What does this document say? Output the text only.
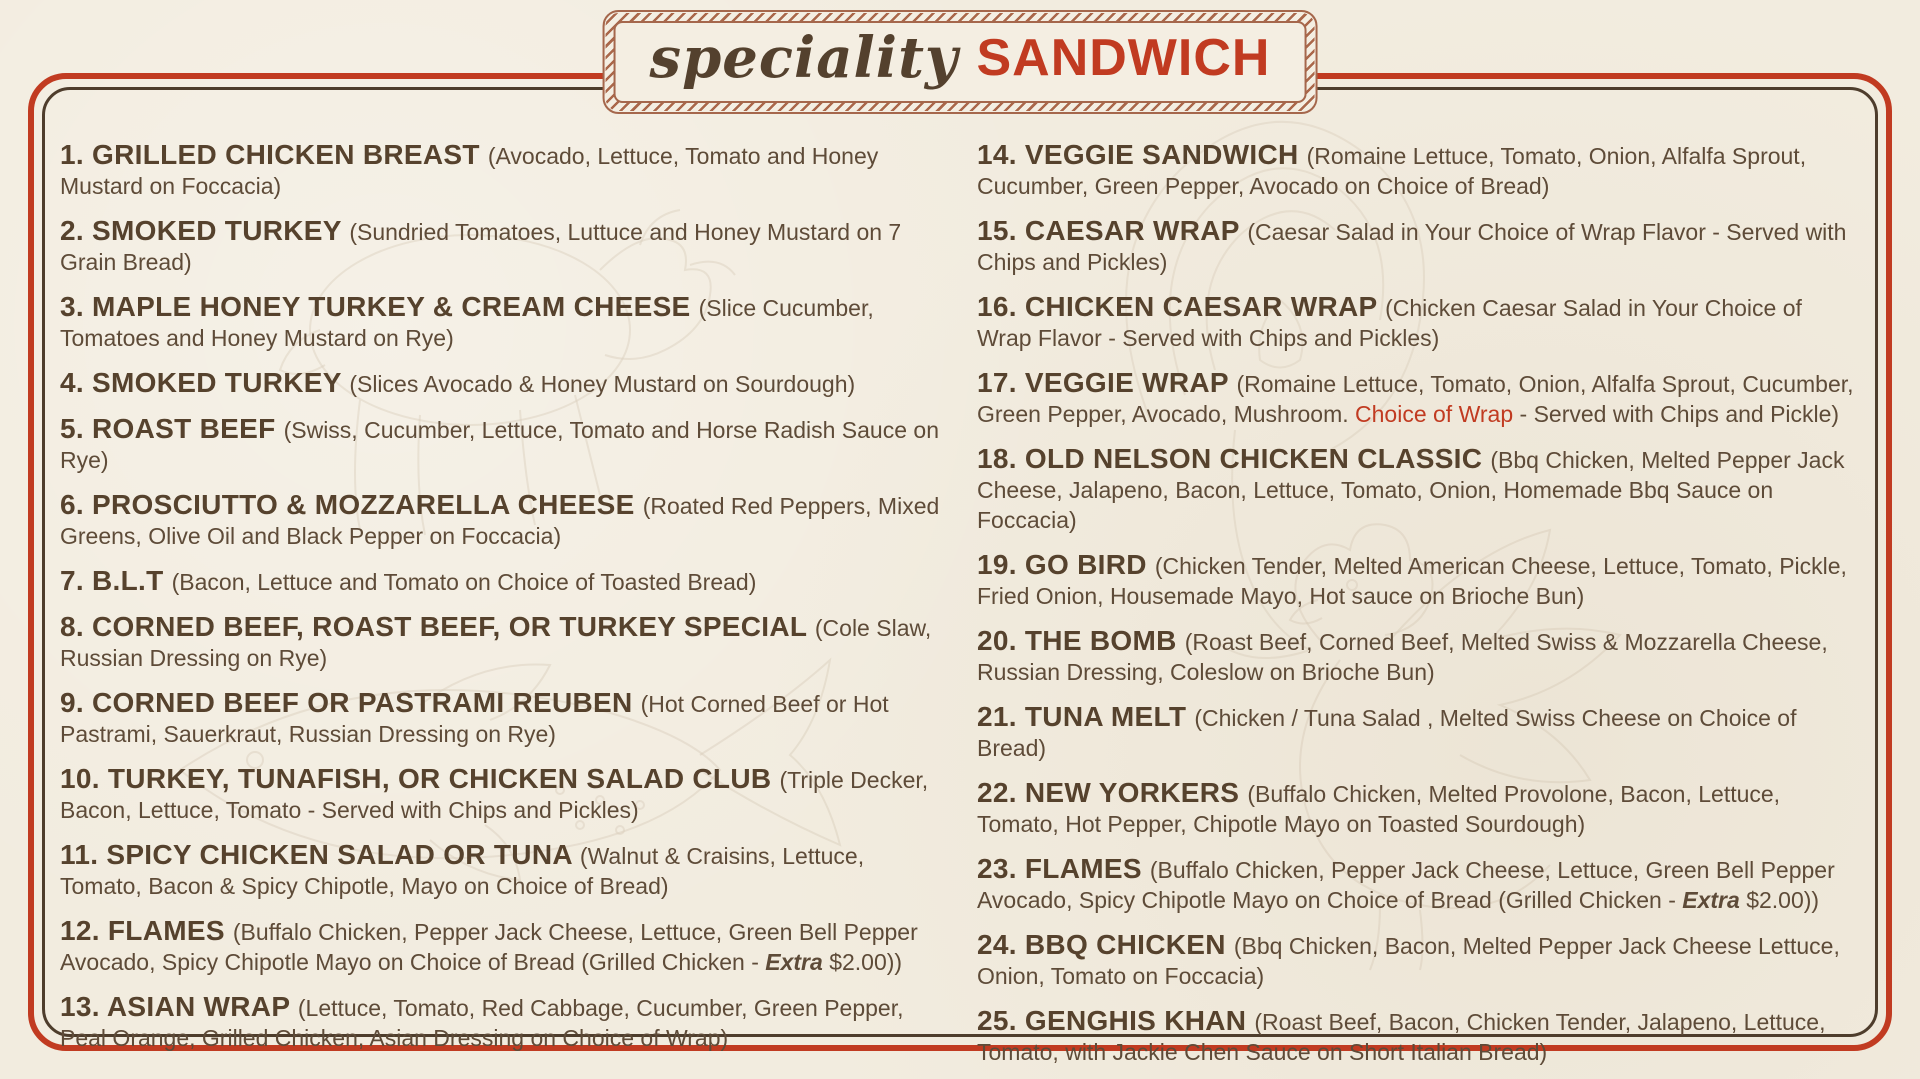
speciality SANDWICH

1. GRILLED CHICKEN BREAST (Avocado, Lettuce, Tomato and Honey Mustard on Foccacia)

2. SMOKED TURKEY (Sundried Tomatoes, Luttuce and Honey Mustard on 7 Grain Bread)

3. MAPLE HONEY TURKEY & CREAM CHEESE (Slice Cucumber, Tomatoes and Honey Mustard on Rye)

4. SMOKED TURKEY (Slices Avocado & Honey Mustard on Sourdough)

5. ROAST BEEF (Swiss, Cucumber, Lettuce, Tomato and Horse Radish Sauce on Rye)

6. PROSCIUTTO & MOZZARELLA CHEESE (Roated Red Peppers, Mixed Greens, Olive Oil and Black Pepper on Foccacia)

7. B.L.T (Bacon, Lettuce and Tomato on Choice of Toasted Bread)

8. CORNED BEEF, ROAST BEEF, OR TURKEY SPECIAL (Cole Slaw, Russian Dressing on Rye)

9. CORNED BEEF OR PASTRAMI REUBEN (Hot Corned Beef or Hot Pastrami, Sauerkraut, Russian Dressing on Rye)

10. TURKEY, TUNAFISH, OR CHICKEN SALAD CLUB (Triple Decker, Bacon, Lettuce, Tomato - Served with Chips and Pickles)

11. SPICY CHICKEN SALAD OR TUNA (Walnut & Craisins, Lettuce, Tomato, Bacon & Spicy Chipotle, Mayo on Choice of Bread)

12. FLAMES (Buffalo Chicken, Pepper Jack Cheese, Lettuce, Green Bell Pepper Avocado, Spicy Chipotle Mayo on Choice of Bread (Grilled Chicken - Extra $2.00))

13. ASIAN WRAP (Lettuce, Tomato, Red Cabbage, Cucumber, Green Pepper, Peal Orange, Grilled Chicken, Asian Dressing on Choice of Wrap)

14. VEGGIE SANDWICH (Romaine Lettuce, Tomato, Onion, Alfalfa Sprout, Cucumber, Green Pepper, Avocado on Choice of Bread)

15. CAESAR WRAP (Caesar Salad in Your Choice of Wrap Flavor - Served with Chips and Pickles)

16. CHICKEN CAESAR WRAP (Chicken Caesar Salad in Your Choice of Wrap Flavor - Served with Chips and Pickles)

17. VEGGIE WRAP (Romaine Lettuce, Tomato, Onion, Alfalfa Sprout, Cucumber, Green Pepper, Avocado, Mushroom. Choice of Wrap - Served with Chips and Pickle)

18. OLD NELSON CHICKEN CLASSIC (Bbq Chicken, Melted Pepper Jack Cheese, Jalapeno, Bacon, Lettuce, Tomato, Onion, Homemade Bbq Sauce on Foccacia)

19. GO BIRD (Chicken Tender, Melted American Cheese, Lettuce, Tomato, Pickle, Fried Onion, Housemade Mayo, Hot sauce on Brioche Bun)

20. THE BOMB (Roast Beef, Corned Beef, Melted Swiss & Mozzarella Cheese, Russian Dressing, Coleslow on Brioche Bun)

21. TUNA MELT (Chicken / Tuna Salad , Melted Swiss Cheese on Choice of Bread)

22. NEW YORKERS (Buffalo Chicken, Melted Provolone, Bacon, Lettuce, Tomato, Hot Pepper, Chipotle Mayo on Toasted Sourdough)

23. FLAMES (Buffalo Chicken, Pepper Jack Cheese, Lettuce, Green Bell Pepper Avocado, Spicy Chipotle Mayo on Choice of Bread (Grilled Chicken - Extra $2.00))

24. BBQ CHICKEN (Bbq Chicken, Bacon, Melted Pepper Jack Cheese Lettuce, Onion, Tomato on Foccacia)

25. GENGHIS KHAN (Roast Beef, Bacon, Chicken Tender, Jalapeno, Lettuce, Tomato, with Jackie Chen Sauce on Short Italian Bread)
